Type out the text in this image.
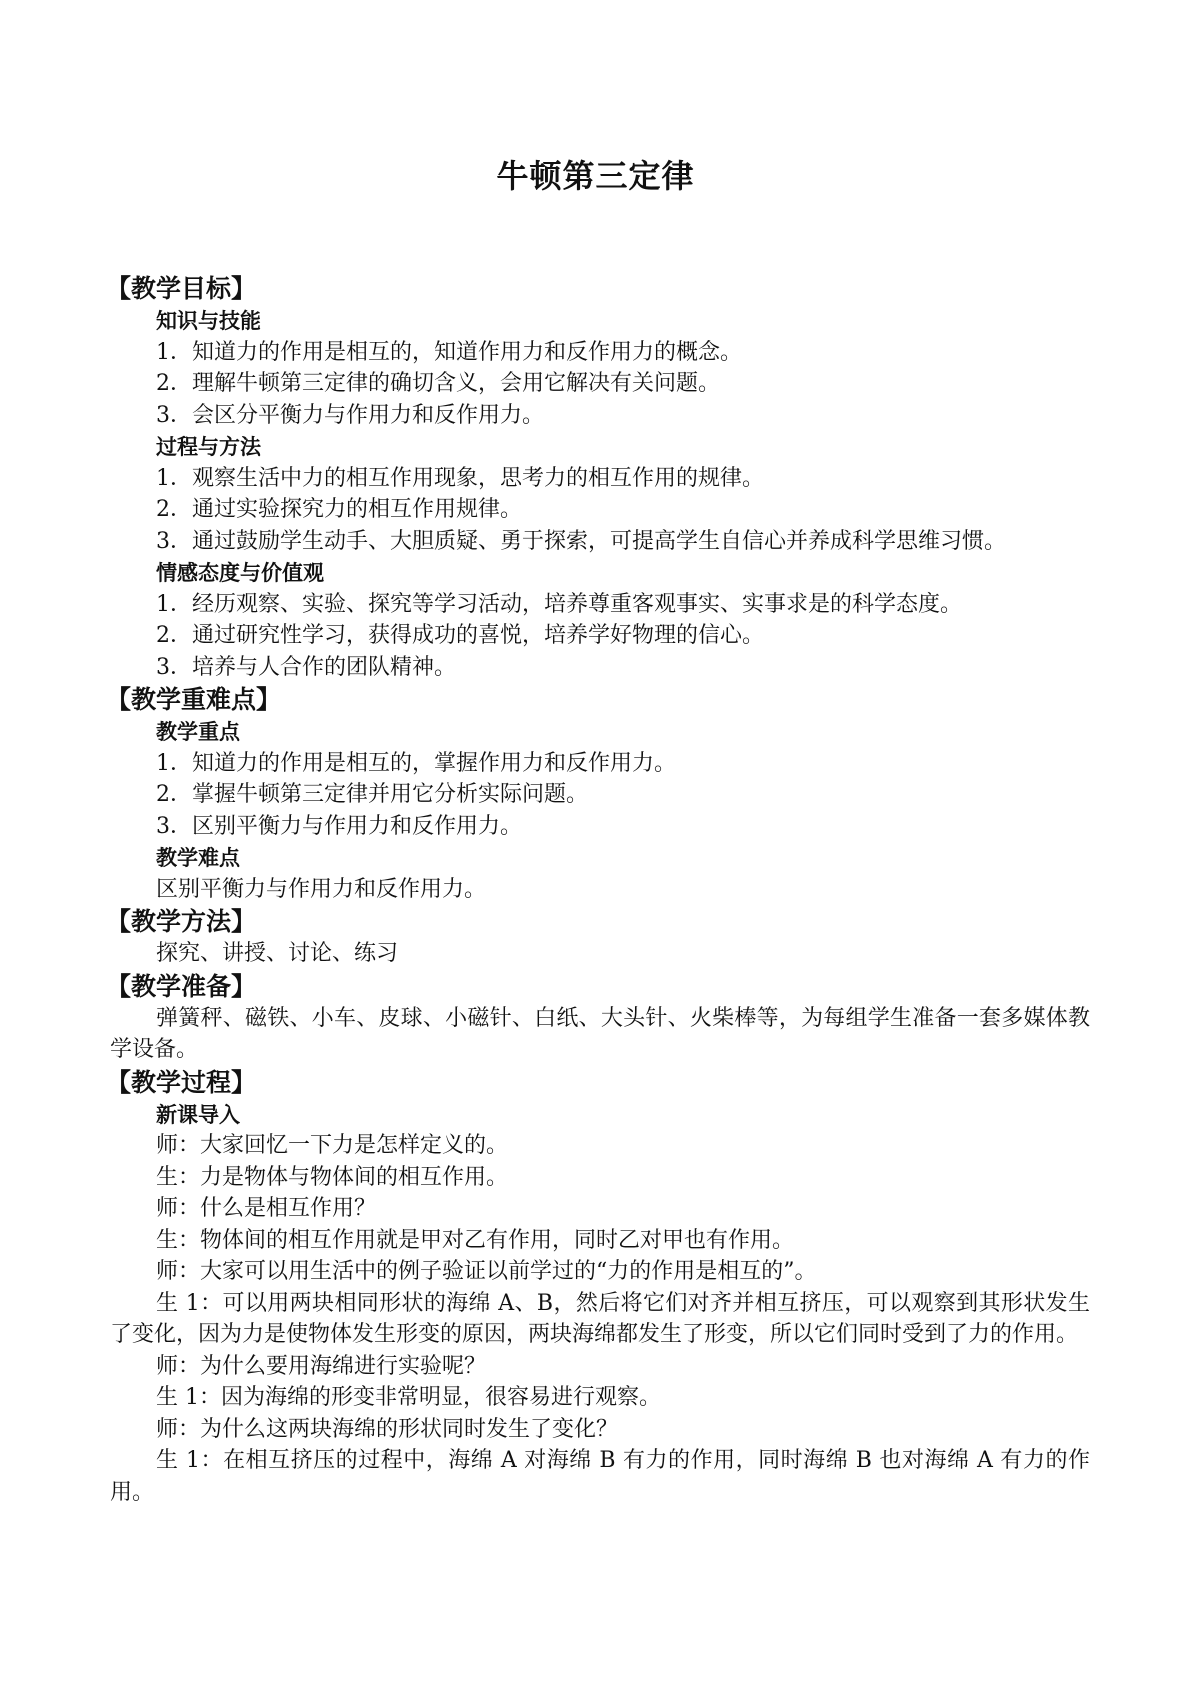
牛顿第三定律
【教学目标】
知识与技能
1．知道力的作用是相互的，知道作用力和反作用力的概念。
2．理解牛顿第三定律的确切含义，会用它解决有关问题。
3．会区分平衡力与作用力和反作用力。
过程与方法
1．观察生活中力的相互作用现象，思考力的相互作用的规律。
2．通过实验探究力的相互作用规律。
3．通过鼓励学生动手、大胆质疑、勇于探索，可提高学生自信心并养成科学思维习惯。
情感态度与价值观
1．经历观察、实验、探究等学习活动，培养尊重客观事实、实事求是的科学态度。
2．通过研究性学习，获得成功的喜悦，培养学好物理的信心。
3．培养与人合作的团队精神。
【教学重难点】
教学重点
1．知道力的作用是相互的，掌握作用力和反作用力。
2．掌握牛顿第三定律并用它分析实际问题。
3．区别平衡力与作用力和反作用力。
教学难点
区别平衡力与作用力和反作用力。
【教学方法】
探究、讲授、讨论、练习
【教学准备】
弹簧秤、磁铁、小车、皮球、小磁针、白纸、大头针、火柴棒等，为每组学生准备一套多媒体教学设备。
【教学过程】
新课导入
师：大家回忆一下力是怎样定义的。
生：力是物体与物体间的相互作用。
师：什么是相互作用？
生：物体间的相互作用就是甲对乙有作用，同时乙对甲也有作用。
师：大家可以用生活中的例子验证以前学过的“力的作用是相互的”。
生 1：可以用两块相同形状的海绵 A、B，然后将它们对齐并相互挤压，可以观察到其形状发生了变化，因为力是使物体发生形变的原因，两块海绵都发生了形变，所以它们同时受到了力的作用。
师：为什么要用海绵进行实验呢？
生 1：因为海绵的形变非常明显，很容易进行观察。
师：为什么这两块海绵的形状同时发生了变化？
生 1：在相互挤压的过程中，海绵 A 对海绵 B 有力的作用，同时海绵 B 也对海绵 A 有力的作用。
